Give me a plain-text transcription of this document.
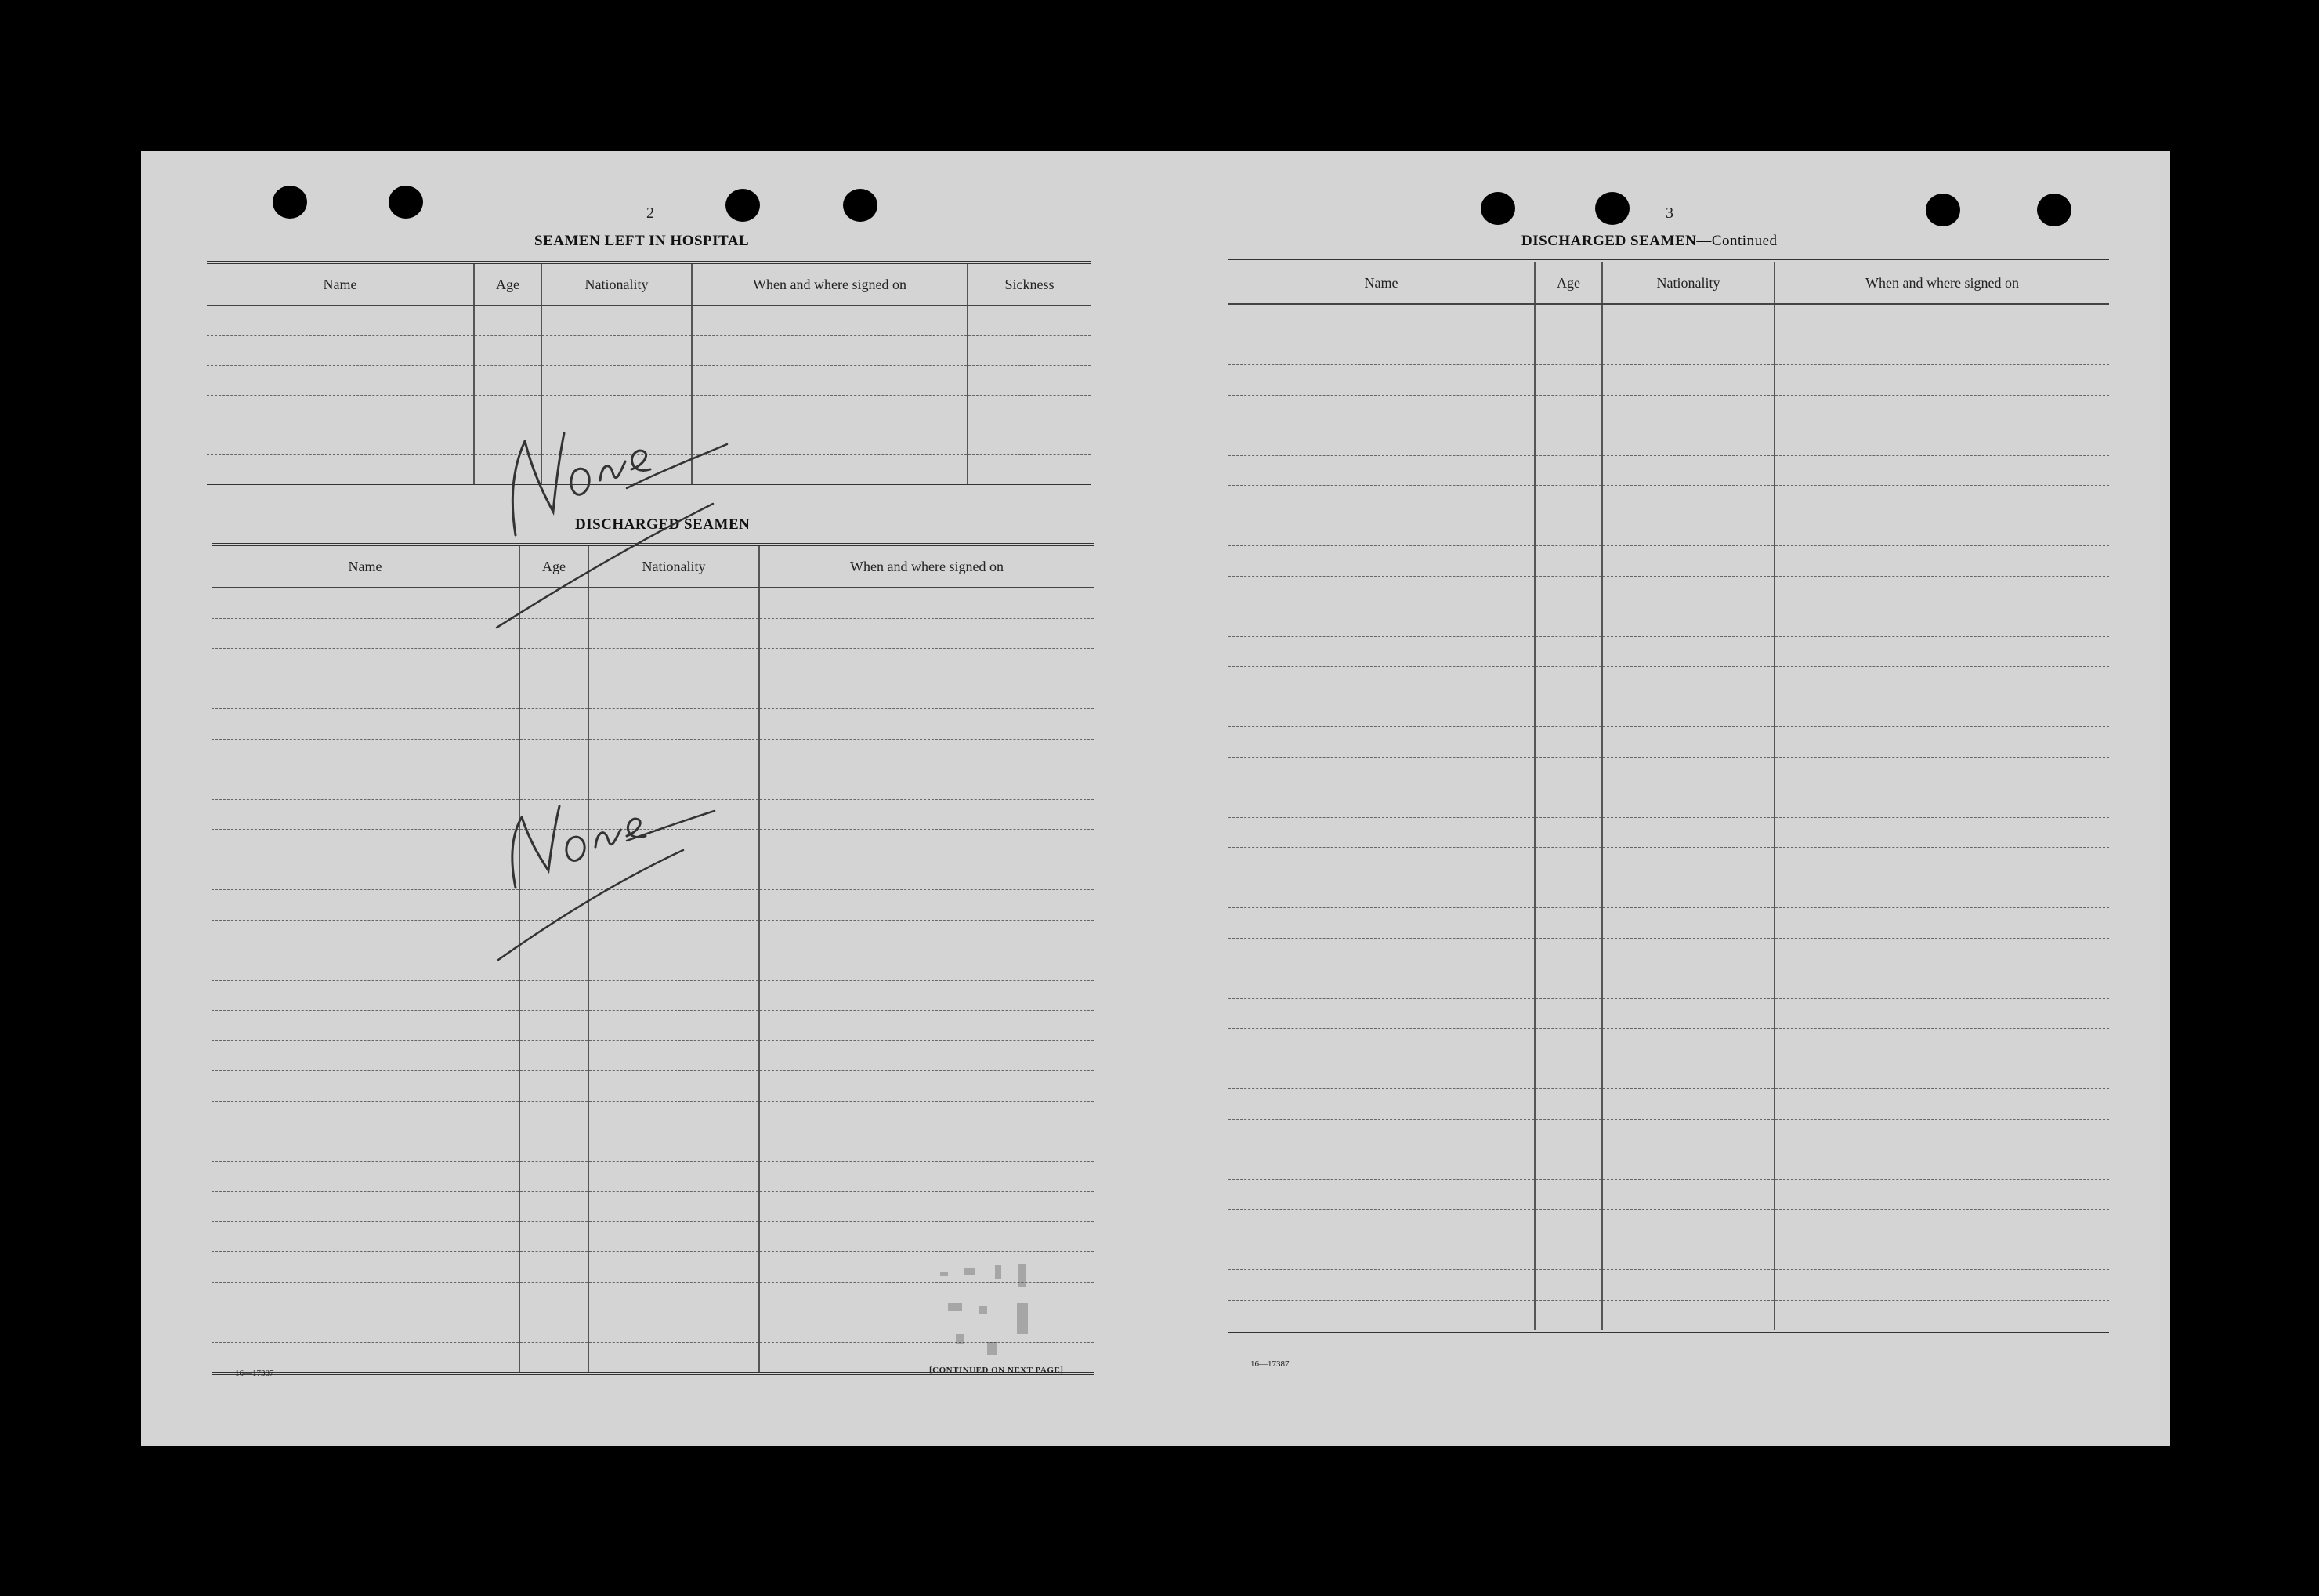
2
SEAMEN LEFT IN HOSPITAL
Name	Age	Nationality	When and where signed on	Sickness

DISCHARGED SEAMEN
Name	Age	Nationality	When and where signed on

16—17387	[CONTINUED ON NEXT PAGE]
3
DISCHARGED SEAMEN—Continued
Name	Age	Nationality	When and where signed on

16—17387
